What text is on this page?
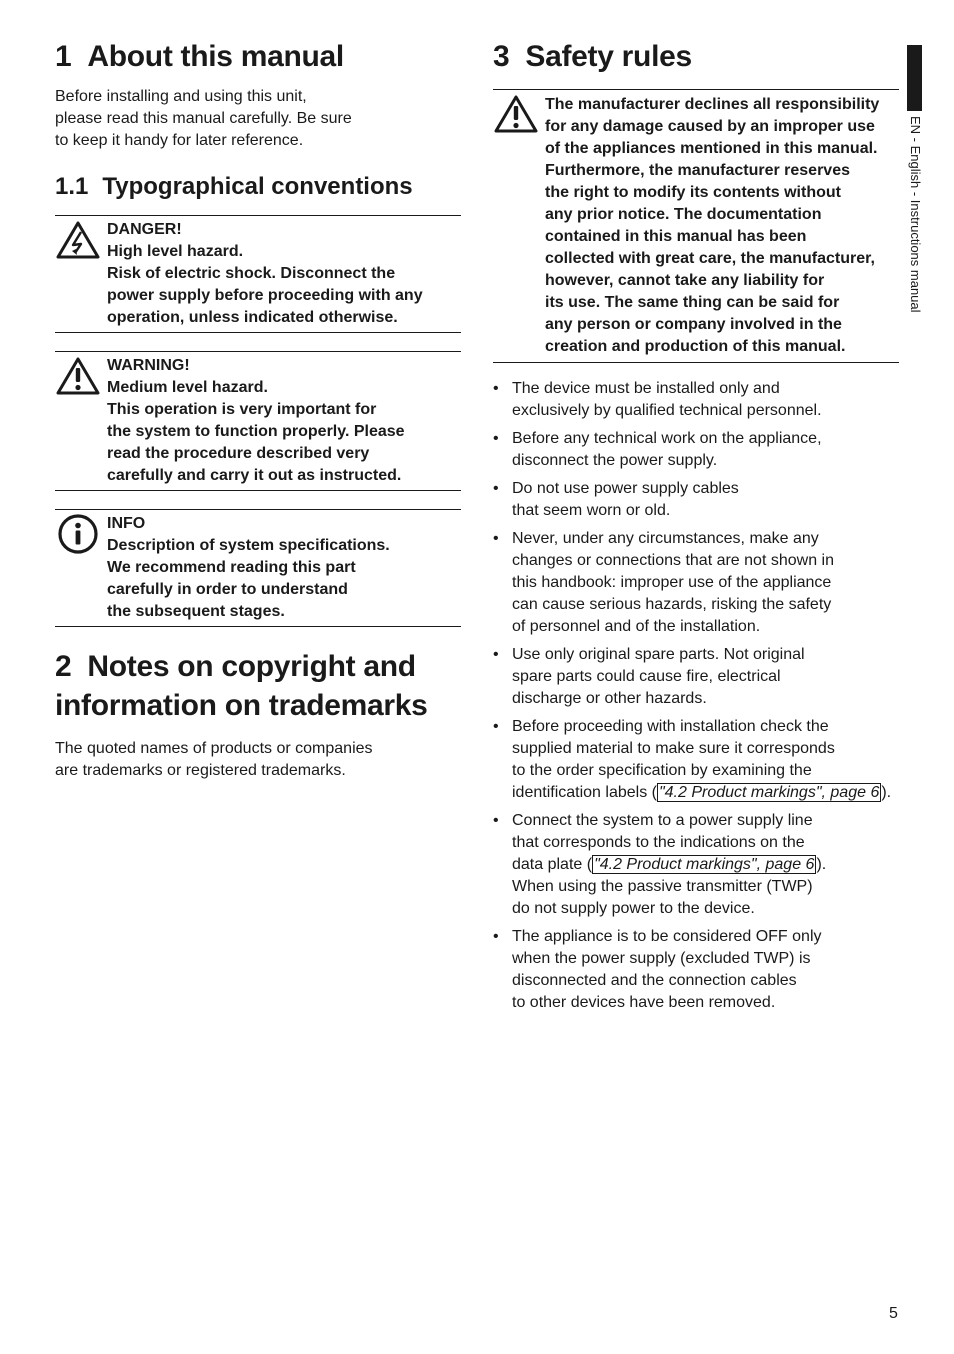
1 About this manual

Before installing and using this unit,
please read this manual carefully. Be sure
to keep it handy for later reference.

1.1 Typographical conventions
DANGER!
High level hazard.
Risk of electric shock. Disconnect the
power supply before proceeding with any
operation, unless indicated otherwise.
WARNING!
Medium level hazard.
This operation is very important for
the system to function properly. Please
read the procedure described very
carefully and carry it out as instructed.
INFO
Description of system specifications.
We recommend reading this part
carefully in order to understand
the subsequent stages.
2 Notes on copyright and
information on trademarks

The quoted names of products or companies
are trademarks or registered trademarks.

3 Safety rules
The manufacturer declines all responsibility
for any damage caused by an improper use
of the appliances mentioned in this manual.
Furthermore, the manufacturer reserves
the right to modify its contents without
any prior notice. The documentation
contained in this manual has been
collected with great care, the manufacturer,
however, cannot take any liability for
its use. The same thing can be said for
any person or company involved in the
creation and production of this manual.
• The device must be installed only and
exclusively by qualified technical personnel.
• Before any technical work on the appliance,
disconnect the power supply.
• Do not use power supply cables
that seem worn or old.
• Never, under any circumstances, make any
changes or connections that are not shown in
this handbook: improper use of the appliance
can cause serious hazards, risking the safety
of personnel and of the installation.
• Use only original spare parts. Not original
spare parts could cause fire, electrical
discharge or other hazards.
• Before proceeding with installation check the
supplied material to make sure it corresponds
to the order specification by examining the
identification labels ( "4.2 Product markings", page 6 ).
• Connect the system to a power supply line
that corresponds to the indications on the
data plate ( "4.2 Product markings", page 6 ).
When using the passive transmitter (TWP)
do not supply power to the device.
• The appliance is to be considered OFF only
when the power supply (excluded TWP) is
disconnected and the connection cables
to other devices have been removed.
EN - English - Instructions manual
5
